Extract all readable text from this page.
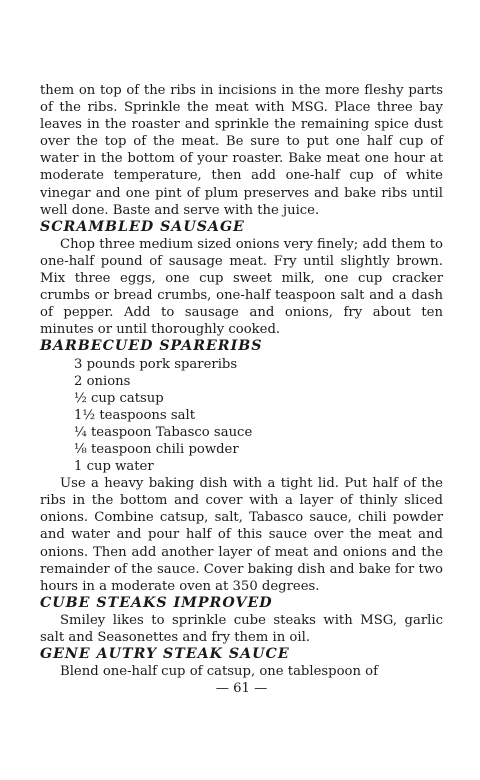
them on top of the ribs in incisions in the more fleshy parts of the ribs. Sprinkle the meat with MSG. Place three bay leaves in the roaster and sprinkle the remaining spice dust over the top of the meat. Be sure to put one half cup of water in the bottom of your roaster. Bake meat one hour at moderate temperature, then add one-half cup of white vinegar and one pint of plum preserves and bake ribs until well done. Baste and serve with the juice.

SCRAMBLED SAUSAGE

Chop three medium sized onions very finely; add them to one-half pound of sausage meat. Fry until slightly brown. Mix three eggs, one cup sweet milk, one cup cracker crumbs or bread crumbs, one-half teaspoon salt and a dash of pepper. Add to sausage and onions, fry about ten minutes or until thoroughly cooked.

BARBECUED SPARERIBS
3 pounds pork spareribs
2 onions
½ cup catsup
1½ teaspoons salt
¼ teaspoon Tabasco sauce
⅛ teaspoon chili powder
1 cup water

Use a heavy baking dish with a tight lid. Put half of the ribs in the bottom and cover with a layer of thinly sliced onions. Combine catsup, salt, Tabasco sauce, chili powder and water and pour half of this sauce over the meat and onions. Then add another layer of meat and onions and the remainder of the sauce. Cover baking dish and bake for two hours in a moderate oven at 350 degrees.

CUBE STEAKS IMPROVED

Smiley likes to sprinkle cube steaks with MSG, garlic salt and Seasonettes and fry them in oil.

GENE AUTRY STEAK SAUCE

Blend one-half cup of catsup, one tablespoon of

— 61 —
